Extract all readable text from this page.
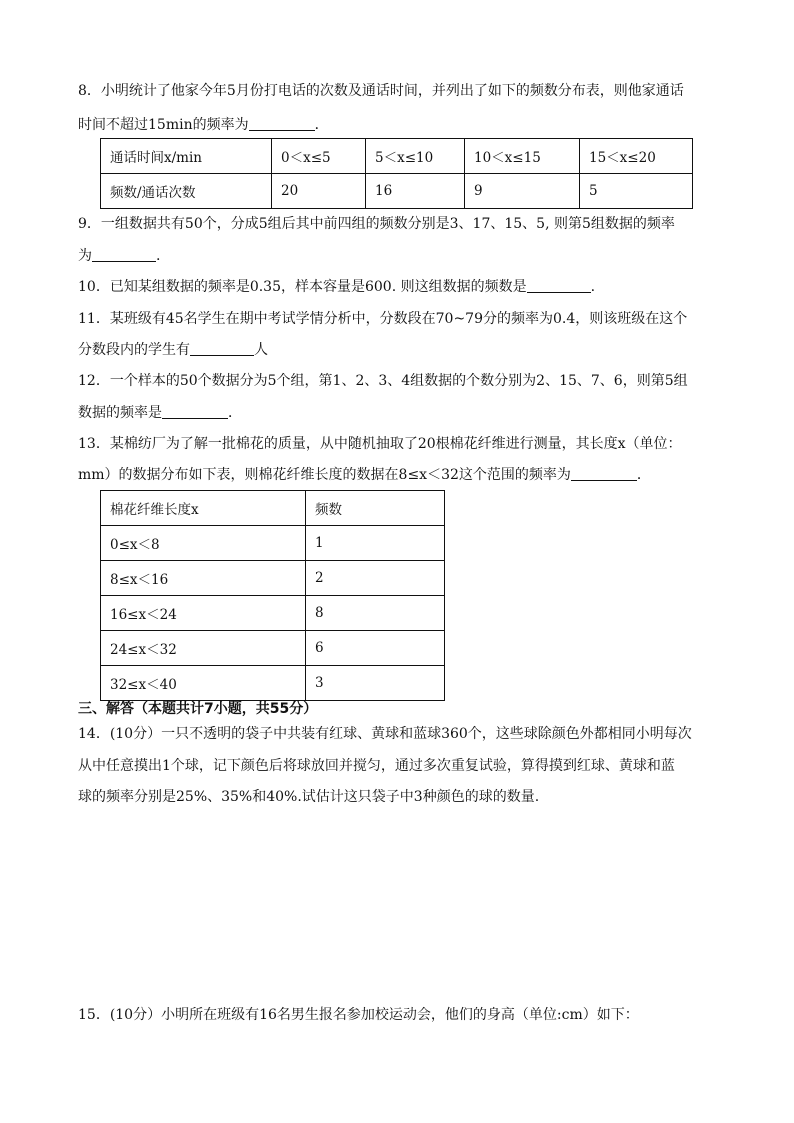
8．小明统计了他家今年5月份打电话的次数及通话时间，并列出了如下的频数分布表，则他家通话
时间不超过15min的频率为	．
通话时间x/min	0＜x≤5	5＜x≤10	10＜x≤15	15＜x≤20
频数/通话次数	20	16	9	5
9．一组数据共有50个，分成5组后其中前四组的频数分别是3、17、15、5, 则第5组数据的频率
为	.
10．已知某组数据的频率是0.35，样本容量是600. 则这组数据的频数是	.
11．某班级有45名学生在期中考试学情分析中，分数段在70~79分的频率为0.4，则该班级在这个
分数段内的学生有	人
12．一个样本的50个数据分为5个组，第1、2、3、4组数据的个数分别为2、15、7、6，则第5组
数据的频率是	．
13．某棉纺厂为了解一批棉花的质量，从中随机抽取了20根棉花纤维进行测量，其长度x（单位：
mm）的数据分布如下表，则棉花纤维长度的数据在8≤x＜32这个范围的频率为	．
棉花纤维长度x	频数
0≤x＜8	1
8≤x＜16	2
16≤x＜24	8
24≤x＜32	6
32≤x＜40	3
三、解答（本题共计7小题，共55分）
14．(10分）一只不透明的袋子中共装有红球、黄球和蓝球360个，这些球除颜色外都相同小明每次
从中任意摸出1个球，记下颜色后将球放回并搅匀，通过多次重复试验，算得摸到红球、黄球和蓝
球的频率分别是25%、35%和40%.试估计这只袋子中3种颜色的球的数量.
15．(10分）小明所在班级有16名男生报名参加校运动会，他们的身高（单位:cm）如下：
